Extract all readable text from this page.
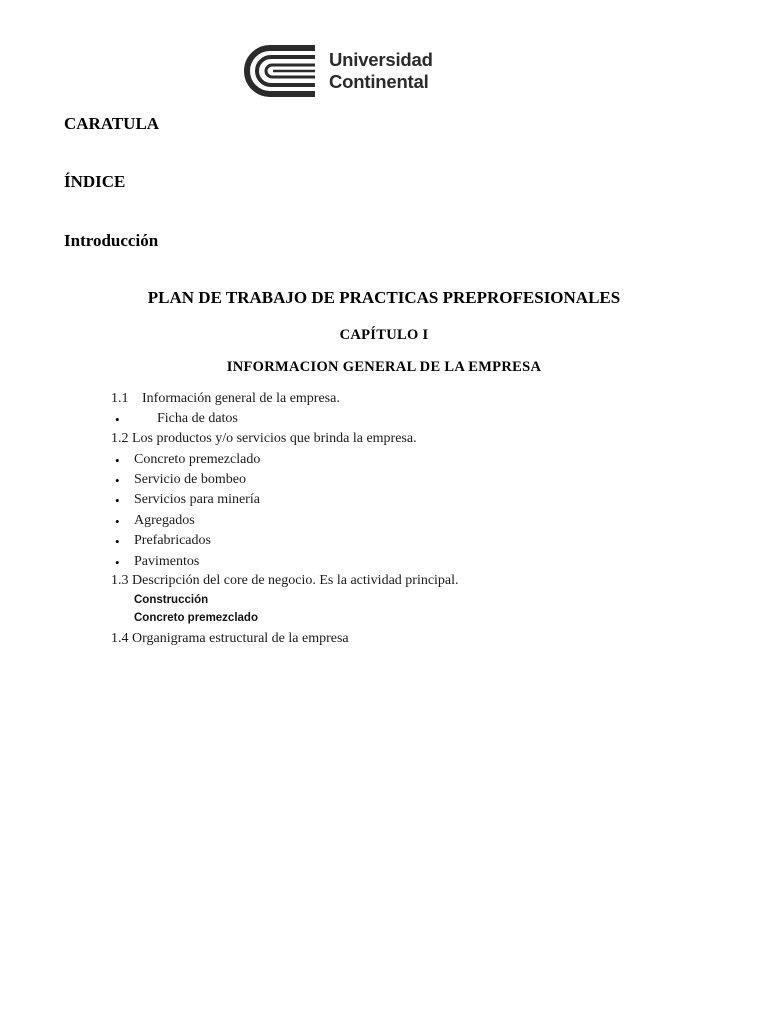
Universidad
Continental
CARATULA
ÍNDICE
Introducción
PLAN DE TRABAJO DE PRACTICAS PREPROFESIONALES
CAPÍTULO I
INFORMACION GENERAL DE LA EMPRESA
1.1 Información general de la empresa.
•	Ficha de datos
1.2 Los productos y/o servicios que brinda la empresa.
• Concreto premezclado
• Servicio de bombeo
• Servicios para minería
• Agregados
• Prefabricados
• Pavimentos
1.3 Descripción del core de negocio. Es la actividad principal.
Construcción
Concreto premezclado
1.4 Organigrama estructural de la empresa
